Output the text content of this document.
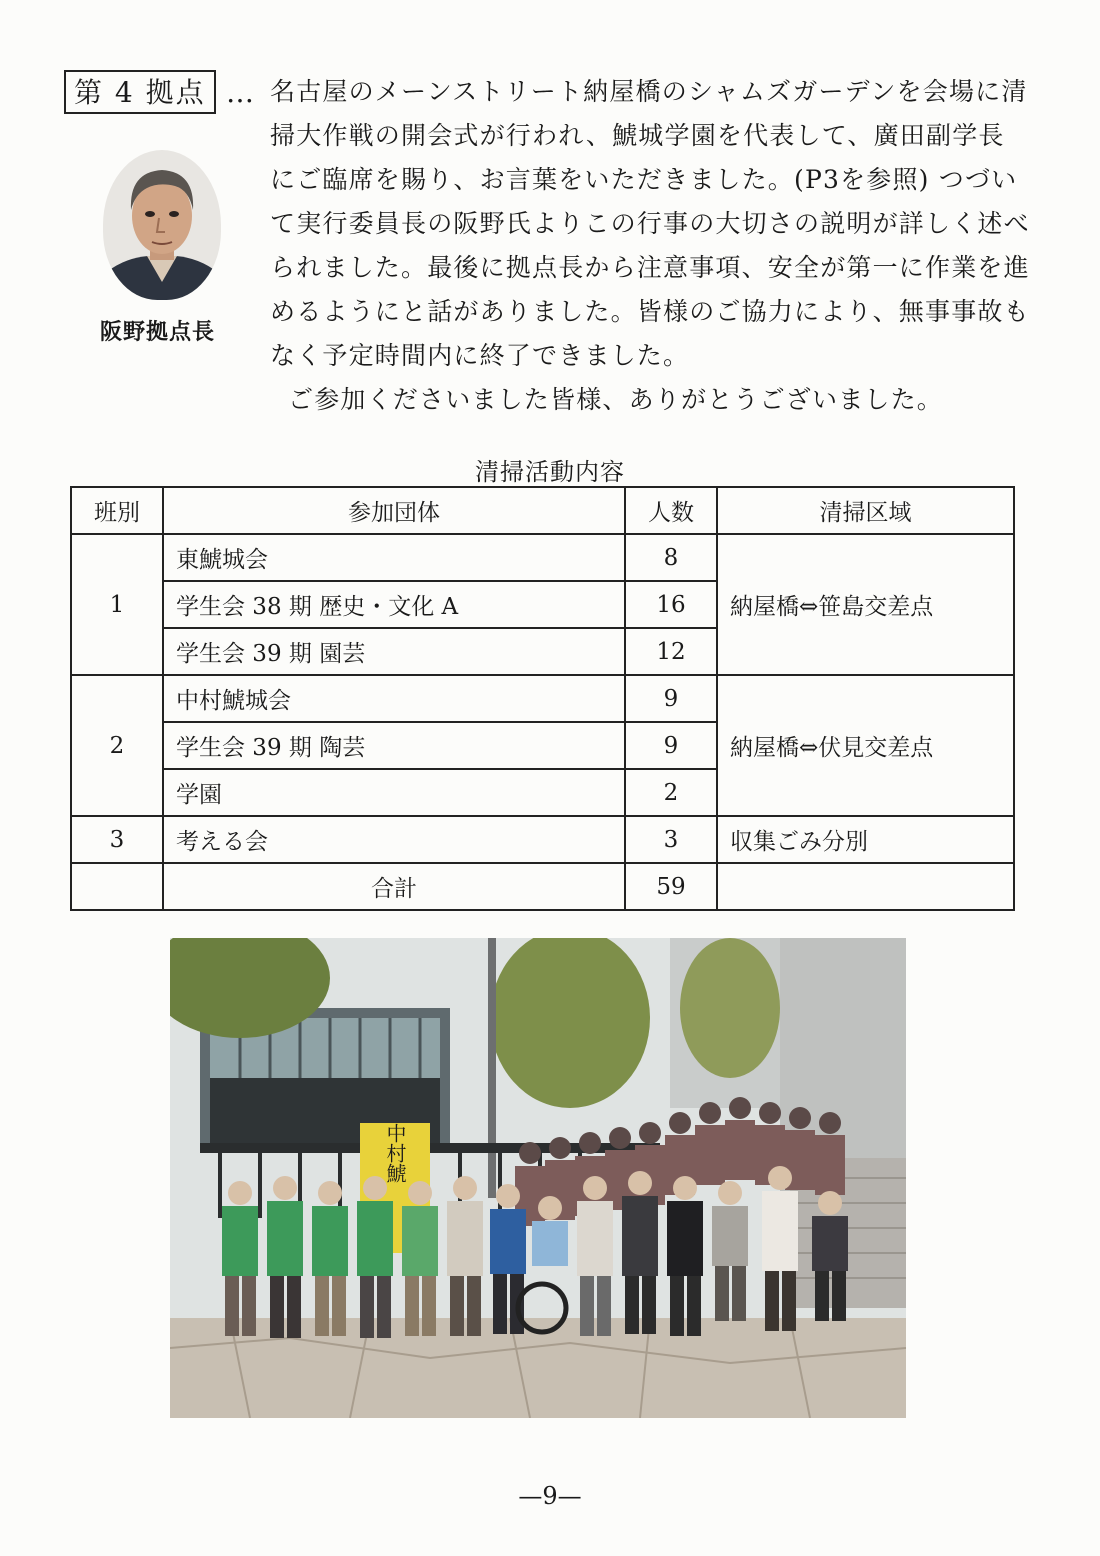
第 4 拠点 …
阪野拠点長

名古屋のメーンストリート納屋橋のシャムズガーデンを会場に清掃大作戦の開会式が行われ、鯱城学園を代表して、廣田副学長にご臨席を賜り、お言葉をいただきました。(P3を参照) つづいて実行委員長の阪野氏よりこの行事の大切さの説明が詳しく述べられました。最後に拠点長から注意事項、安全が第一に作業を進めるようにと話がありました。皆様のご協力により、無事事故もなく予定時間内に終了できました。

ご参加くださいました皆様、ありがとうございました。

清掃活動内容
班別	参加団体	人数	清掃区域
1	東鯱城会	8	納屋橋⇔笹島交差点
	学生会 38 期 歴史・文化 A	16	
	学生会 39 期 園芸	12	
2	中村鯱城会	9	納屋橋⇔伏見交差点
	学生会 39 期 陶芸	9	
	学園	2	
3	考える会	3	収集ごみ分別
	合計	59	
中村鯱
—9—
